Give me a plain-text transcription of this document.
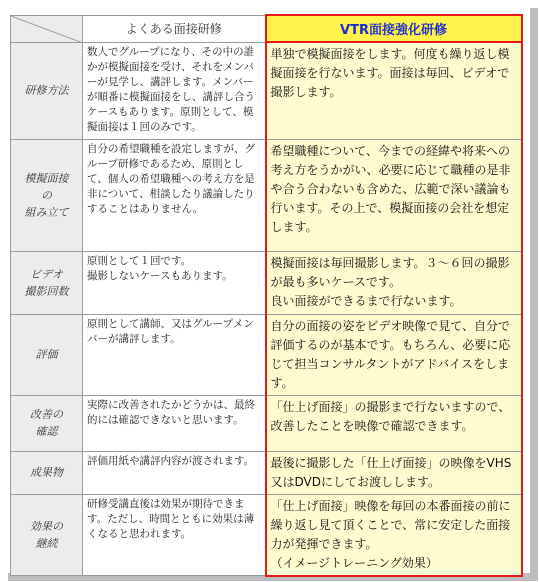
	よくある面接研修	VTR面接強化研修

研修方法	数人でグループになり、その中の誰かが模擬面接を受け、それをメンバーが見学し、講評します。メンバーが順番に模擬面接をし、講評し合うケースもあります。原則として、模擬面接は１回のみです。	単独で模擬面接をします。何度も繰り返し模擬面接を行ないます。面接は毎回、ビデオで撮影します。

模擬面接
の
組み立て	自分の希望職種を設定しますが、グループ研修であるため、原則として、個人の希望職種への考え方を是非について、相談したり議論したりすることはありません。	希望職種について、今までの経緯や将来への考え方をうかがい、必要に応じて職種の是非や合う合わないも含めた、広範で深い議論も行います。その上で、模擬面接の会社を想定します。

ビデオ
撮影回数	原則として１回です。
撮影しないケースもあります。	模擬面接は毎回撮影します。３～６回の撮影が最も多いケースです。
良い面接ができるまで行ないます。

評価	原則として講師、又はグループメンバーが講評します。	自分の面接の姿をビデオ映像で見て、自分で評価するのが基本です。もちろん、必要に応じて担当コンサルタントがアドバイスをします。

改善の
確認	実際に改善されたかどうかは、最終的には確認できないと思います。	「仕上げ面接」の撮影まで行ないますので、改善したことを映像で確認できます。

成果物	評価用紙や講評内容が渡されます。	最後に撮影した「仕上げ面接」の映像をVHS又はDVDにしてお渡しします。

効果の
継続	研修受講直後は効果が期待できます。ただし、時間とともに効果は薄くなると思われます。	「仕上げ面接」映像を毎回の本番面接の前に繰り返し見て頂くことで、常に安定した面接力が発揮できます。
（イメージトレーニング効果）
